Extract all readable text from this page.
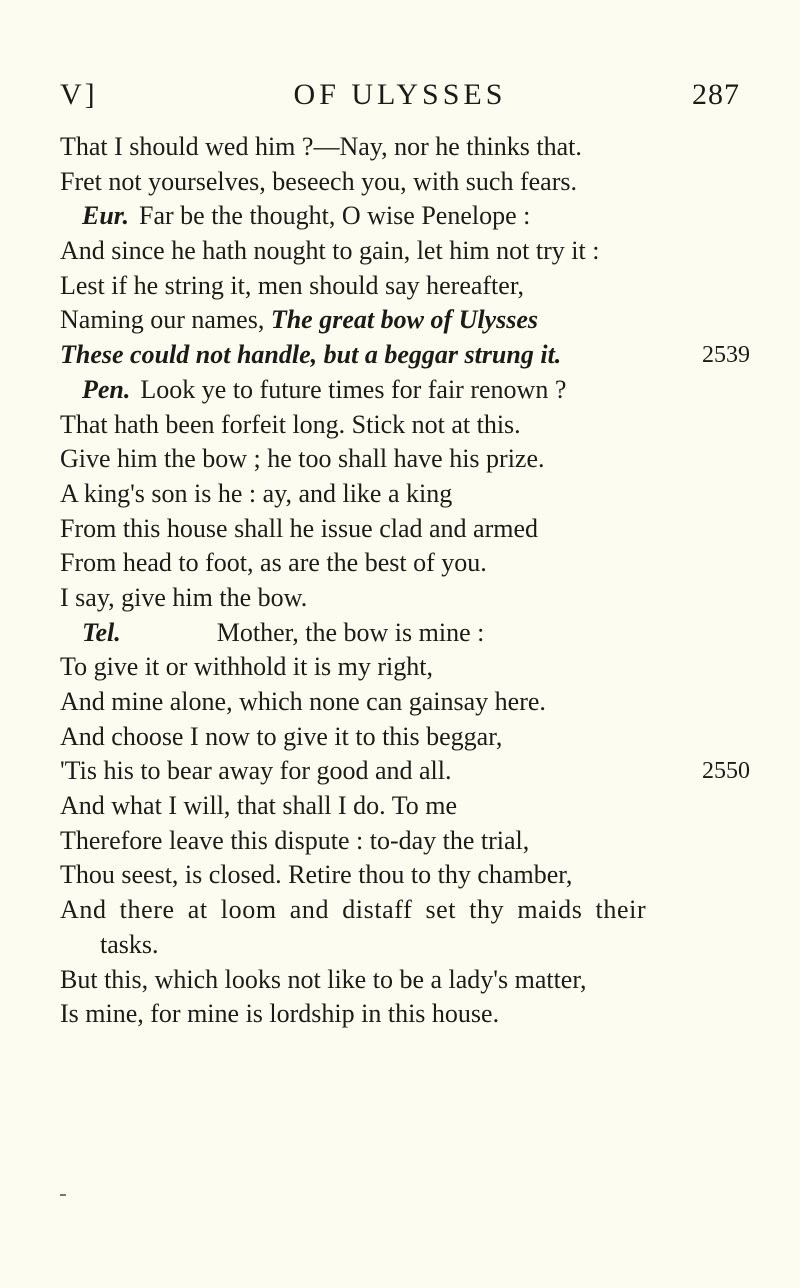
V]	OF ULYSSES	287
That I should wed him ?—Nay, nor he thinks that.
Fret not yourselves, beseech you, with such fears.
Eur. Far be the thought, O wise Penelope :
And since he hath nought to gain, let him not try it :
Lest if he string it, men should say hereafter,
Naming our names, The great bow of Ulysses
These could not handle, but a beggar strung it.	2539
Pen. Look ye to future times for fair renown ?
That hath been forfeit long. Stick not at this.
Give him the bow ; he too shall have his prize.
A king's son is he : ay, and like a king
From this house shall he issue clad and armed
From head to foot, as are the best of you.
I say, give him the bow.
Tel.	Mother, the bow is mine :
To give it or withhold it is my right,
And mine alone, which none can gainsay here.
And choose I now to give it to this beggar,
'Tis his to bear away for good and all.	2550
And what I will, that shall I do. To me
Therefore leave this dispute : to-day the trial,
Thou seest, is closed. Retire thou to thy chamber,
And there at loom and distaff set thy maids their
tasks.
But this, which looks not like to be a lady's matter,
Is mine, for mine is lordship in this house.
